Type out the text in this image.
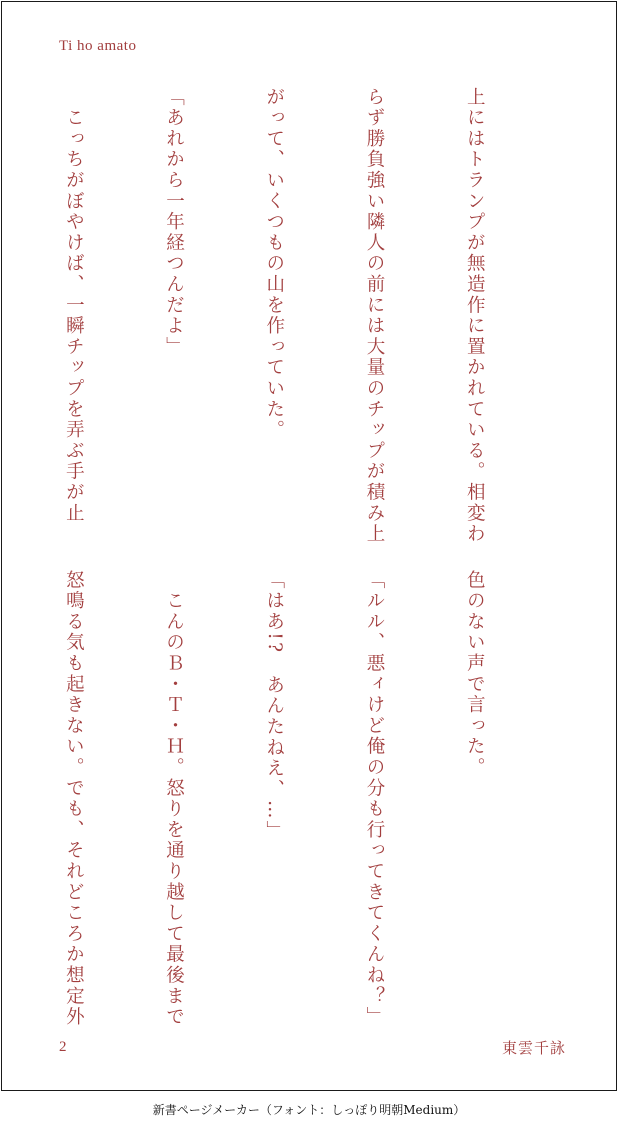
Ti ho amato

上にはトランプが無造作に置かれている。相変わ

らず勝負強い隣人の前には大量のチップが積み上

がって、いくつもの山を作っていた。

「あれから一年経つんだよ」

　こっちがぼやけば、一瞬チップを弄ぶ手が止

色のない声で言った。

「ルル、悪ィけど俺の分も行ってきてくんね？」

「はあ!?　あんたねえ、…」

　こんのＢ・Ｔ・Ｈ。怒りを通り越して最後まで

怒鳴る気も起きない。でも、それどころか想定外

2	東雲千詠
新書ページメーカー（フォント：しっぽり明朝Medium）
